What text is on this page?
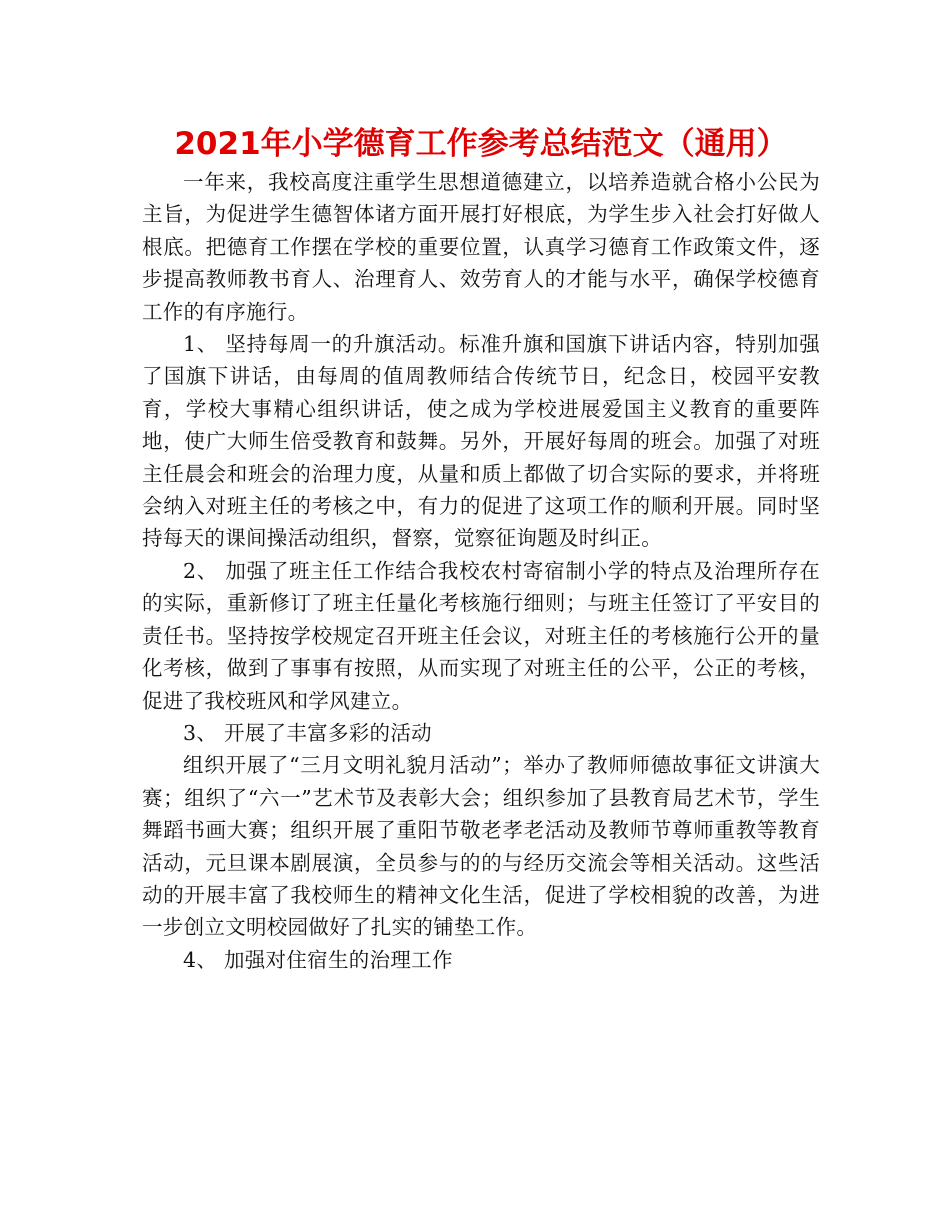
2021年小学德育工作参考总结范文（通用）

一年来，我校高度注重学生思想道德建立，以培养造就合格小公民为主旨，为促进学生德智体诸方面开展打好根底，为学生步入社会打好做人根底。把德育工作摆在学校的重要位置，认真学习德育工作政策文件，逐步提高教师教书育人、治理育人、效劳育人的才能与水平，确保学校德育工作的有序施行。

1、 坚持每周一的升旗活动。标准升旗和国旗下讲话内容，特别加强了国旗下讲话，由每周的值周教师结合传统节日，纪念日，校园平安教育，学校大事精心组织讲话，使之成为学校进展爱国主义教育的重要阵地，使广大师生倍受教育和鼓舞。另外，开展好每周的班会。加强了对班主任晨会和班会的治理力度，从量和质上都做了切合实际的要求，并将班会纳入对班主任的考核之中，有力的促进了这项工作的顺利开展。同时坚持每天的课间操活动组织，督察，觉察征询题及时纠正。

2、 加强了班主任工作结合我校农村寄宿制小学的特点及治理所存在的实际，重新修订了班主任量化考核施行细则；与班主任签订了平安目的责任书。坚持按学校规定召开班主任会议，对班主任的考核施行公开的量化考核，做到了事事有按照，从而实现了对班主任的公平，公正的考核，促进了我校班风和学风建立。

3、 开展了丰富多彩的活动

组织开展了“三月文明礼貌月活动”；举办了教师师德故事征文讲演大赛；组织了“六一”艺术节及表彰大会；组织参加了县教育局艺术节，学生舞蹈书画大赛；组织开展了重阳节敬老孝老活动及教师节尊师重教等教育活动，元旦课本剧展演，全员参与的的与经历交流会等相关活动。这些活动的开展丰富了我校师生的精神文化生活，促进了学校相貌的改善，为进一步创立文明校园做好了扎实的铺垫工作。

4、 加强对住宿生的治理工作
